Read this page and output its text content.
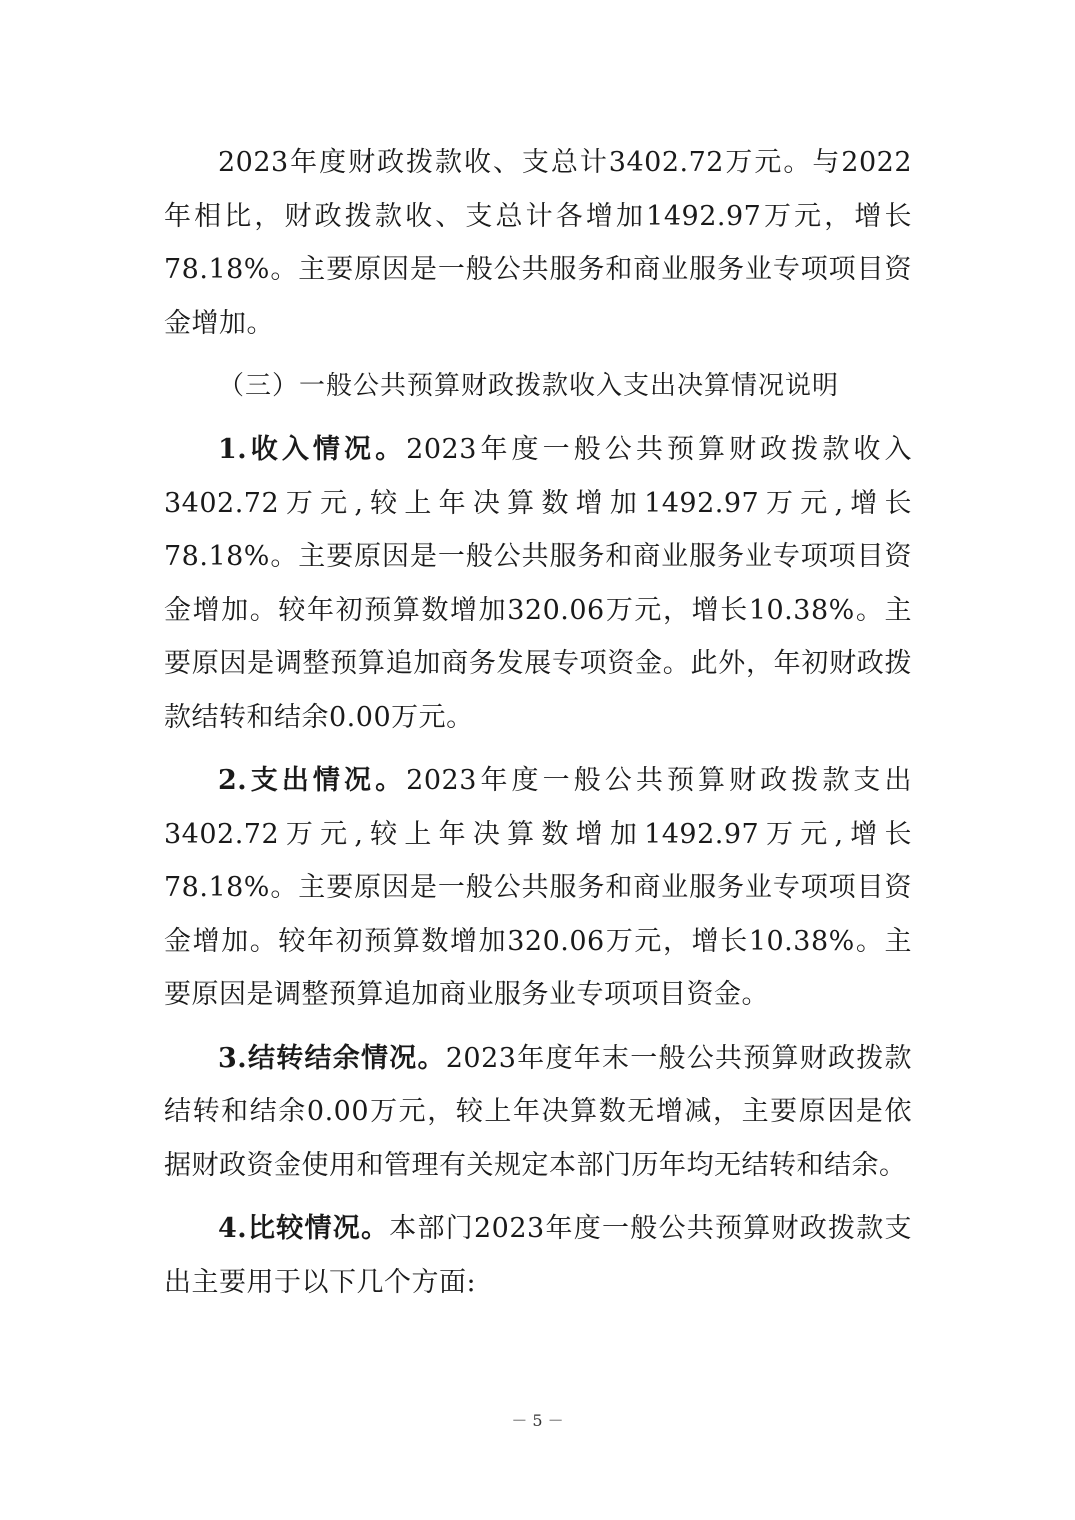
2023年度财政拨款收、支总计3402.72万元。与2022年相比，财政拨款收、支总计各增加1492.97万元，增长78.18%。主要原因是一般公共服务和商业服务业专项项目资金增加。

（三）一般公共预算财政拨款收入支出决算情况说明

1.收入情况。2023年度一般公共预算财政拨款收入3402.72万元,较上年决算数增加1492.97万元,增长78.18%。主要原因是一般公共服务和商业服务业专项项目资金增加。较年初预算数增加320.06万元，增长10.38%。主要原因是调整预算追加商务发展专项资金。此外，年初财政拨款结转和结余0.00万元。

2.支出情况。2023年度一般公共预算财政拨款支出3402.72万元,较上年决算数增加1492.97万元,增长78.18%。主要原因是一般公共服务和商业服务业专项项目资金增加。较年初预算数增加320.06万元，增长10.38%。主要原因是调整预算追加商业服务业专项项目资金。

3.结转结余情况。2023年度年末一般公共预算财政拨款结转和结余0.00万元，较上年决算数无增减，主要原因是依据财政资金使用和管理有关规定本部门历年均无结转和结余。

4.比较情况。本部门2023年度一般公共预算财政拨款支出主要用于以下几个方面:

－ 5 －
